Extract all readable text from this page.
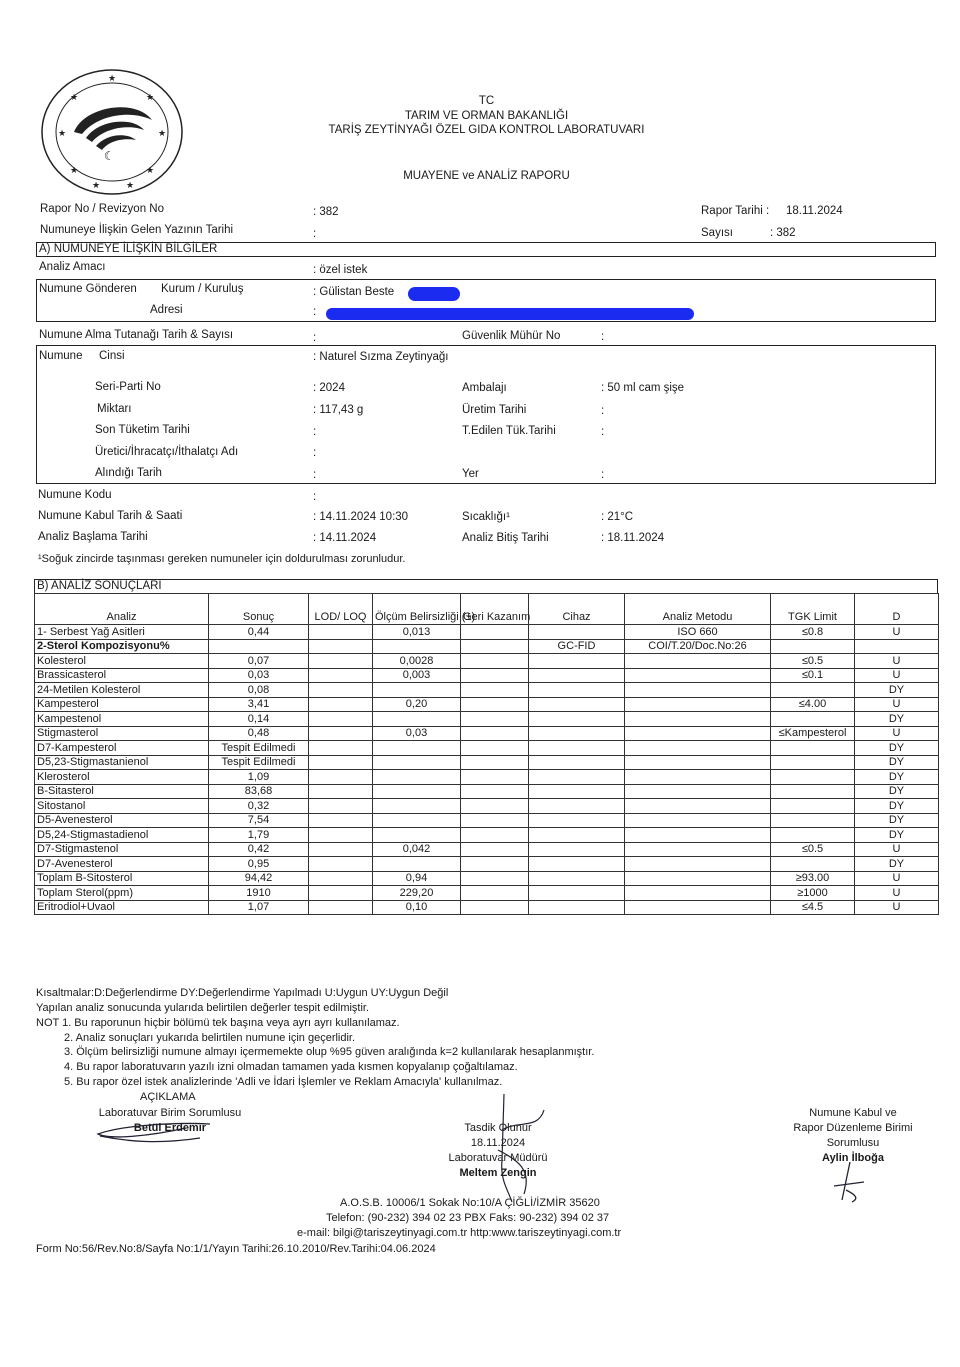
★	★
★	★
★	★
★	★
★
☾
TC
TARIM VE ORMAN BAKANLIĞI
TARİŞ ZEYTİNYAĞI ÖZEL GIDA KONTROL LABORATUVARI
MUAYENE ve ANALİZ RAPORU
Rapor No / Revizyon No	: 382	Rapor Tarihi : 18.11.2024
Numuneye İlişkin Gelen Yazının Tarihi	:	Sayısı	: 382
A) NUMUNEYE İLİŞKİN BİLGİLER
Analiz Amacı	: özel istek
Numune Gönderen Kurum / Kuruluş	: Gülistan Beste
Adresi	:
Numune Alma Tutanağı Tarih & Sayısı	:	Güvenlik Mühür No	:
Numune Cinsi	: Naturel Sızma Zeytinyağı
Seri-Parti No	: 2024	Ambalajı	: 50 ml cam şişe
Miktarı	: 117,43 g	Üretim Tarihi	:
Son Tüketim Tarihi	:	T.Edilen Tük.Tarihi	:
Üretici/İhracatçı/İthalatçı Adı	:
Alındığı Tarih	:	Yer	:
Numune Kodu	:
Numune Kabul Tarih & Saati	: 14.11.2024 10:30	Sıcaklığı¹	: 21°C
Analiz Başlama Tarihi	: 14.11.2024	Analiz Bitiş Tarihi	: 18.11.2024
¹Soğuk zincirde taşınması gereken numuneler için doldurulması zorunludur.
B) ANALİZ SONUÇLARI
Analiz	Sonuç	LOD/ LOQ	Ölçüm Belirsizliği (±)	Geri Kazanım	Cihaz	Analiz Metodu	TGK Limit	D
1- Serbest Yağ Asitleri	0,44		0,013			ISO 660	≤0.8	U
2-Sterol Kompozisyonu%					GC-FID	COI/T.20/Doc.No:26		
Kolesterol	0,07		0,0028				≤0.5	U
Brassicasterol	0,03		0,003				≤0.1	U
24-Metilen Kolesterol	0,08							DY
Kampesterol	3,41		0,20				≤4.00	U
Kampestenol	0,14							DY
Stigmasterol	0,48		0,03				≤Kampesterol	U
D7-Kampesterol	Tespit Edilmedi							DY
D5,23-Stigmastanienol	Tespit Edilmedi							DY
Klerosterol	1,09							DY
B-Sitasterol	83,68							DY
Sitostanol	0,32							DY
D5-Avenesterol	7,54							DY
D5,24-Stigmastadienol	1,79							DY
D7-Stigmastenol	0,42		0,042				≤0.5	U
D7-Avenesterol	0,95							DY
Toplam B-Sitosterol	94,42		0,94				≥93.00	U
Toplam Sterol(ppm)	1910		229,20				≥1000	U
Eritrodiol+Uvaol	1,07		0,10				≤4.5	U
Kısaltmalar:D:Değerlendirme DY:Değerlendirme Yapılmadı U:Uygun UY:Uygun Değil
Yapılan analiz sonucunda yularıda belirtilen değerler tespit edilmiştir.
NOT 1. Bu raporunun hiçbir bölümü tek başına veya ayrı ayrı kullanılamaz.
2. Analiz sonuçları yukarıda belirtilen numune için geçerlidir.
3. Ölçüm belirsizliği numune almayı içermemekte olup %95 güven aralığında k=2 kullanılarak hesaplanmıştır.
4. Bu rapor laboratuvarın yazılı izni olmadan tamamen yada kısmen kopyalanıp çoğaltılamaz.
5. Bu rapor özel istek analizlerinde 'Adli ve İdari İşlemler ve Reklam Amacıyla' kullanılmaz.
AÇIKLAMA
Laboratuvar Birim Sorumlusu
Betül Erdemir	Tasdik Olunur
18.11.2024
Laboratuvar Müdürü
Meltem Zengin
Numune Kabul ve
Rapor Düzenleme Birimi
Sorumlusu
Aylin İlboğa
A.O.S.B. 10006/1 Sokak No:10/A ÇİĞLİ/İZMİR 35620
Telefon: (90-232) 394 02 23 PBX Faks: 90-232) 394 02 37
e-mail: bilgi@tariszeytinyagi.com.tr http:www.tariszeytinyagi.com.tr
Form No:56/Rev.No:8/Sayfa No:1/1/Yayın Tarihi:26.10.2010/Rev.Tarihi:04.06.2024
